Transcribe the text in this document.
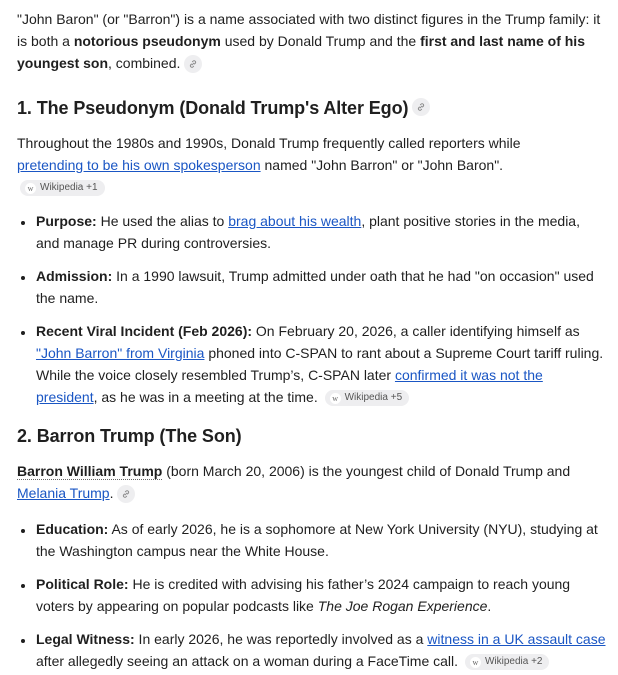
"John Baron" (or "Barron") is a name associated with two distinct figures in the Trump family: it is both a notorious pseudonym used by Donald Trump and the first and last name of his youngest son, combined.

1. The Pseudonym (Donald Trump's Alter Ego)

Throughout the 1980s and 1990s, Donald Trump frequently called reporters while pretending to be his own spokesperson named "John Barron" or "John Baron".
w Wikipedia +1

• Purpose: He used the alias to brag about his wealth, plant positive stories in the media, and manage PR during controversies.
• Admission: In a 1990 lawsuit, Trump admitted under oath that he had "on occasion" used the name.
• Recent Viral Incident (Feb 2026): On February 20, 2026, a caller identifying himself as "John Barron" from Virginia phoned into C-SPAN to rant about a Supreme Court tariff ruling. While the voice closely resembled Trump’s, C-SPAN later confirmed it was not the president, as he was in a meeting at the time.	w Wikipedia +5
2. Barron Trump (The Son)

Barron William Trump (born March 20, 2006) is the youngest child of Donald Trump and Melania Trump.

• Education: As of early 2026, he is a sophomore at New York University (NYU), studying at the Washington campus near the White House.
• Political Role: He is credited with advising his father’s 2024 campaign to reach young voters by appearing on popular podcasts like The Joe Rogan Experience.
• Legal Witness: In early 2026, he was reportedly involved as a witness in a UK assault case after allegedly seeing an attack on a woman during a FaceTime call.	w Wikipedia +2
